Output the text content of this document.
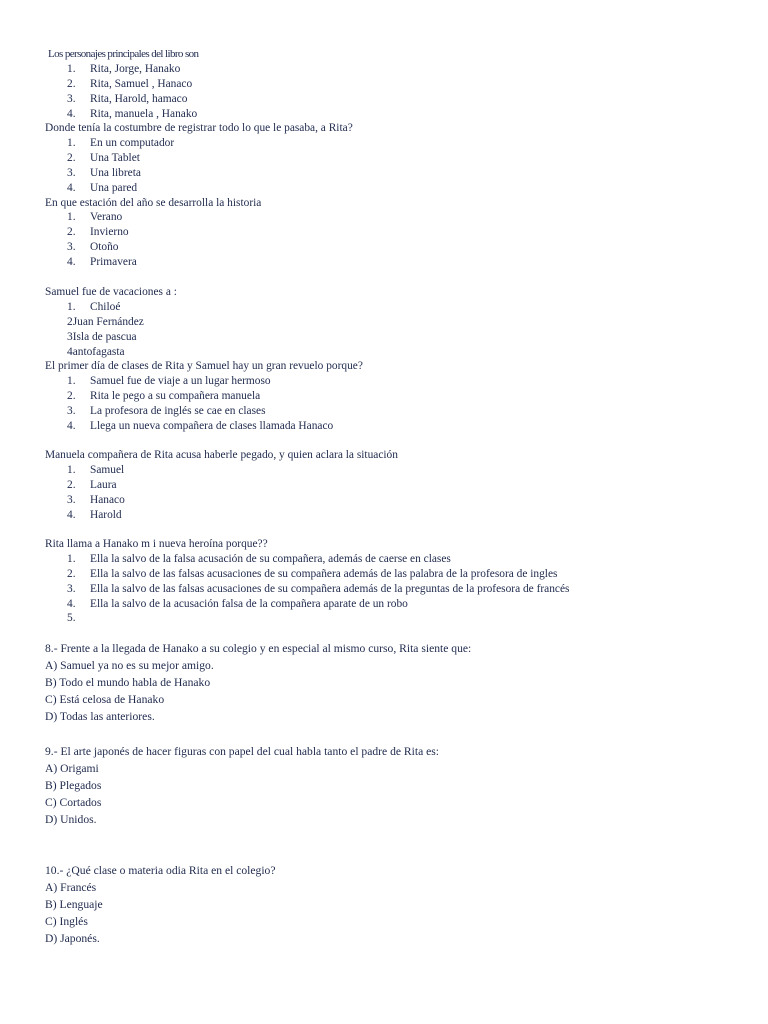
Los personajes principales del libro son
1. Rita, Jorge, Hanako
2. Rita, Samuel , Hanaco
3. Rita, Harold, hamaco
4. Rita, manuela , Hanako
Donde tenía la costumbre de registrar todo lo que le pasaba, a Rita?
1. En un computador
2. Una Tablet
3. Una libreta
4. Una pared
En que estación del año se desarrolla la historia
1. Verano
2. Invierno
3. Otoño
4. Primavera
Samuel fue de vacaciones a :
1. Chiloé
2Juan Fernández
3Isla de pascua
4antofagasta
El primer día de clases de Rita y Samuel hay un gran revuelo porque?
1. Samuel fue de viaje a un lugar hermoso
2. Rita le pego a su compañera manuela
3. La profesora de inglés se cae en clases
4. Llega un nueva compañera de clases llamada Hanaco
Manuela compañera de Rita acusa haberle pegado, y quien aclara la situación
1. Samuel
2. Laura
3. Hanaco
4. Harold
Rita llama a Hanako m i nueva heroína porque??
1. Ella la salvo de la falsa acusación de su compañera, además de caerse en clases
2. Ella la salvo de las falsas acusaciones de su compañera además de las palabra de la profesora de ingles
3. Ella la salvo de las falsas acusaciones de su compañera además de la preguntas de la profesora de francés
4. Ella la salvo de la acusación falsa de la compañera aparate de un robo
5.
8.- Frente a la llegada de Hanako a su colegio y en especial al mismo curso, Rita siente que:
A) Samuel ya no es su mejor amigo.
B) Todo el mundo habla de Hanako
C) Está celosa de Hanako
D) Todas las anteriores.
9.- El arte japonés de hacer figuras con papel del cual habla tanto el padre de Rita es:
A) Origami
B) Plegados
C) Cortados
D) Unidos.
10.- ¿Qué clase o materia odia Rita en el colegio?
A) Francés
B) Lenguaje
C) Inglés
D) Japonés.
